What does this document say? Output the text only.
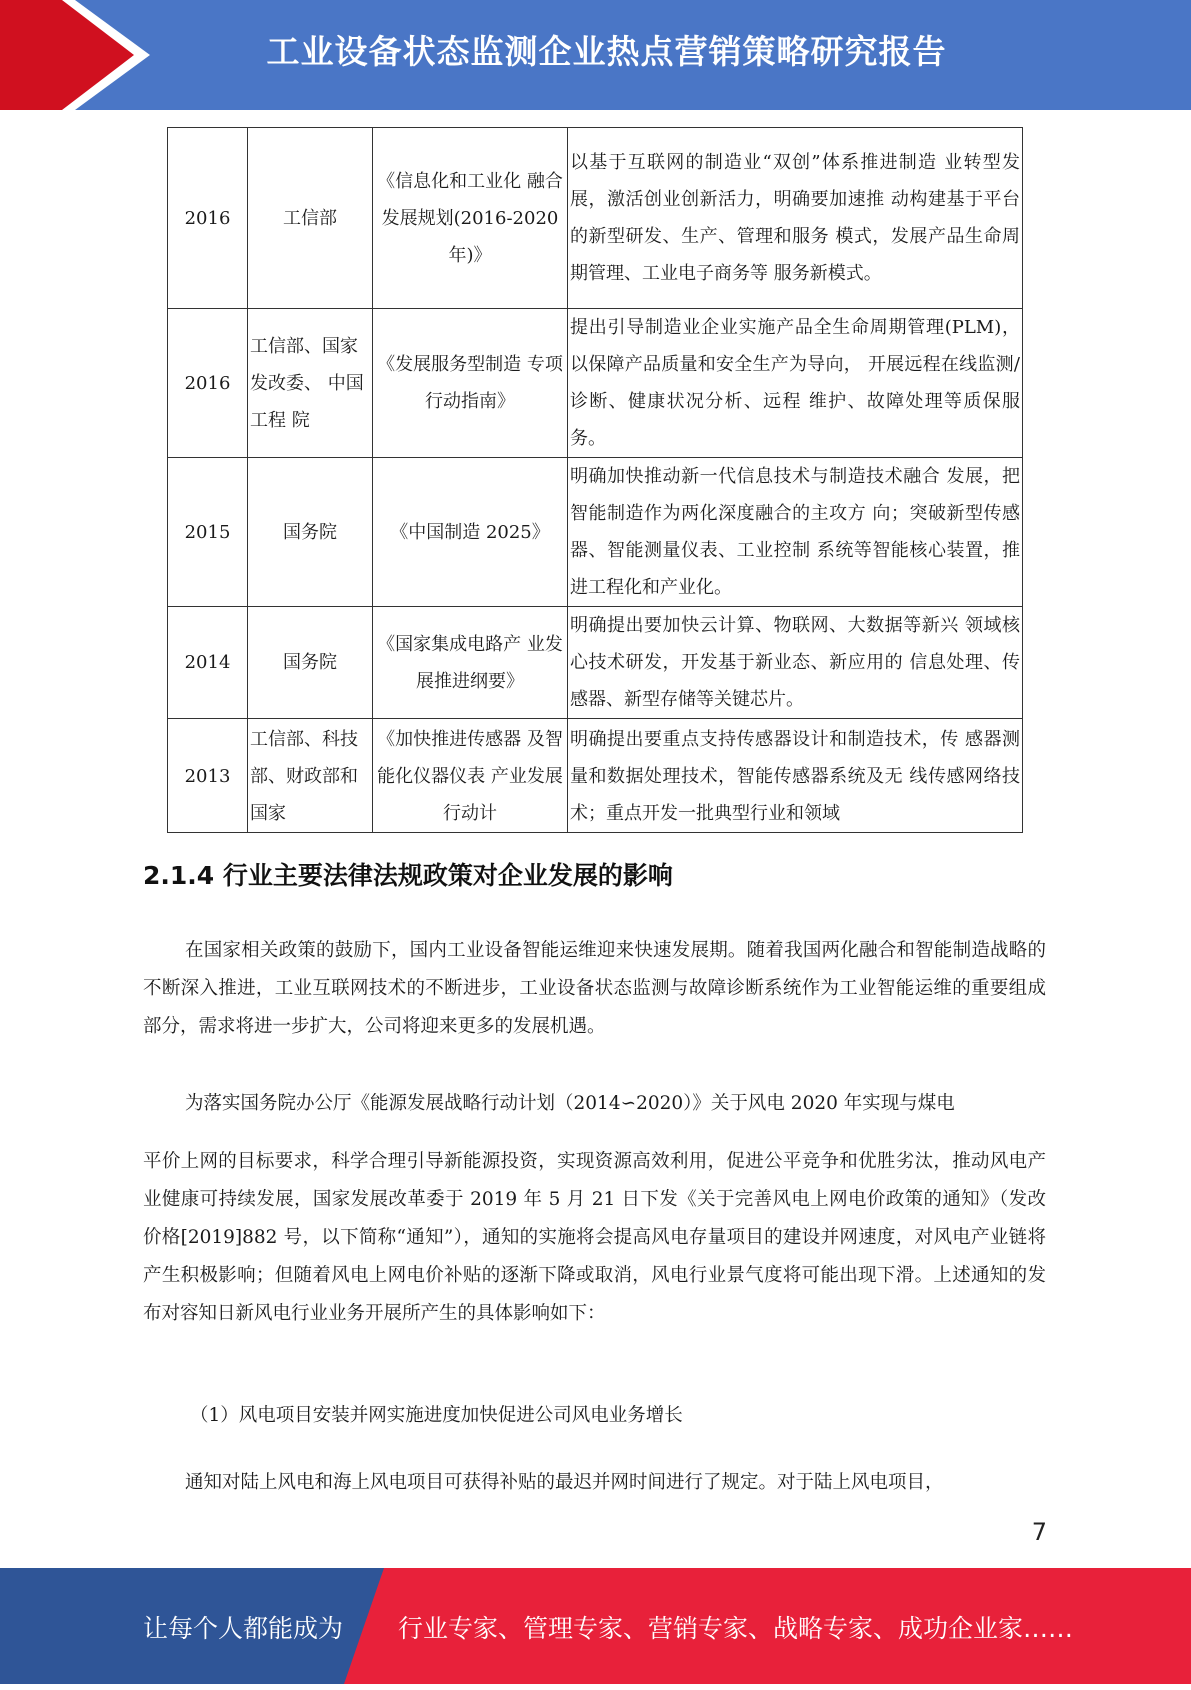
工业设备状态监测企业热点营销策略研究报告
2016	工信部	《信息化和工业化 融合发展规划(2016-2020 年)》	以基于互联网的制造业“双创”体系推进制造 业转型发展，激活创业创新活力，明确要加速推 动构建基于平台的新型研发、生产、管理和服务 模式，发展产品生命周期管理、工业电子商务等 服务新模式。
2016	工信部、国家发改委、 中国工程 院	《发展服务型制造 专项行动指南》	提出引导制造业企业实施产品全生命周期管理(PLM)，以保障产品质量和安全生产为导向， 开展远程在线监测/诊断、健康状况分析、远程 维护、故障处理等质保服务。
2015	国务院	《中国制造 2025》	明确加快推动新一代信息技术与制造技术融合 发展，把智能制造作为两化深度融合的主攻方 向；突破新型传感器、智能测量仪表、工业控制 系统等智能核心装置，推进工程化和产业化。
2014	国务院	《国家集成电路产 业发展推进纲要》	明确提出要加快云计算、物联网、大数据等新兴 领域核心技术研发，开发基于新业态、新应用的 信息处理、传感器、新型存储等关键芯片。
2013	工信部、科技部、财政部和国家	《加快推进传感器 及智能化仪器仪表 产业发展行动计	明确提出要重点支持传感器设计和制造技术，传 感器测量和数据处理技术，智能传感器系统及无 线传感网络技术；重点开发一批典型行业和领域
2.1.4 行业主要法律法规政策对企业发展的影响

在国家相关政策的鼓励下，国内工业设备智能运维迎来快速发展期。随着我国两化融合和智能制造战略的不断深入推进，工业互联网技术的不断进步，工业设备状态监测与故障诊断系统作为工业智能运维的重要组成部分，需求将进一步扩大，公司将迎来更多的发展机遇。

为落实国务院办公厅《能源发展战略行动计划（2014∽2020）》关于风电 2020 年实现与煤电

平价上网的目标要求，科学合理引导新能源投资，实现资源高效利用，促进公平竞争和优胜劣汰，推动风电产业健康可持续发展，国家发展改革委于 2019 年 5 月 21 日下发《关于完善风电上网电价政策的通知》（发改价格[2019]882 号，以下简称“通知”），通知的实施将会提高风电存量项目的建设并网速度，对风电产业链将产生积极影响；但随着风电上网电价补贴的逐渐下降或取消，风电行业景气度将可能出现下滑。上述通知的发布对容知日新风电行业业务开展所产生的具体影响如下：

（1）风电项目安装并网实施进度加快促进公司风电业务增长

通知对陆上风电和海上风电项目可获得补贴的最迟并网时间进行了规定。对于陆上风电项目，

7
让每个人都能成为 行业专家、管理专家、营销专家、战略专家、成功企业家……
